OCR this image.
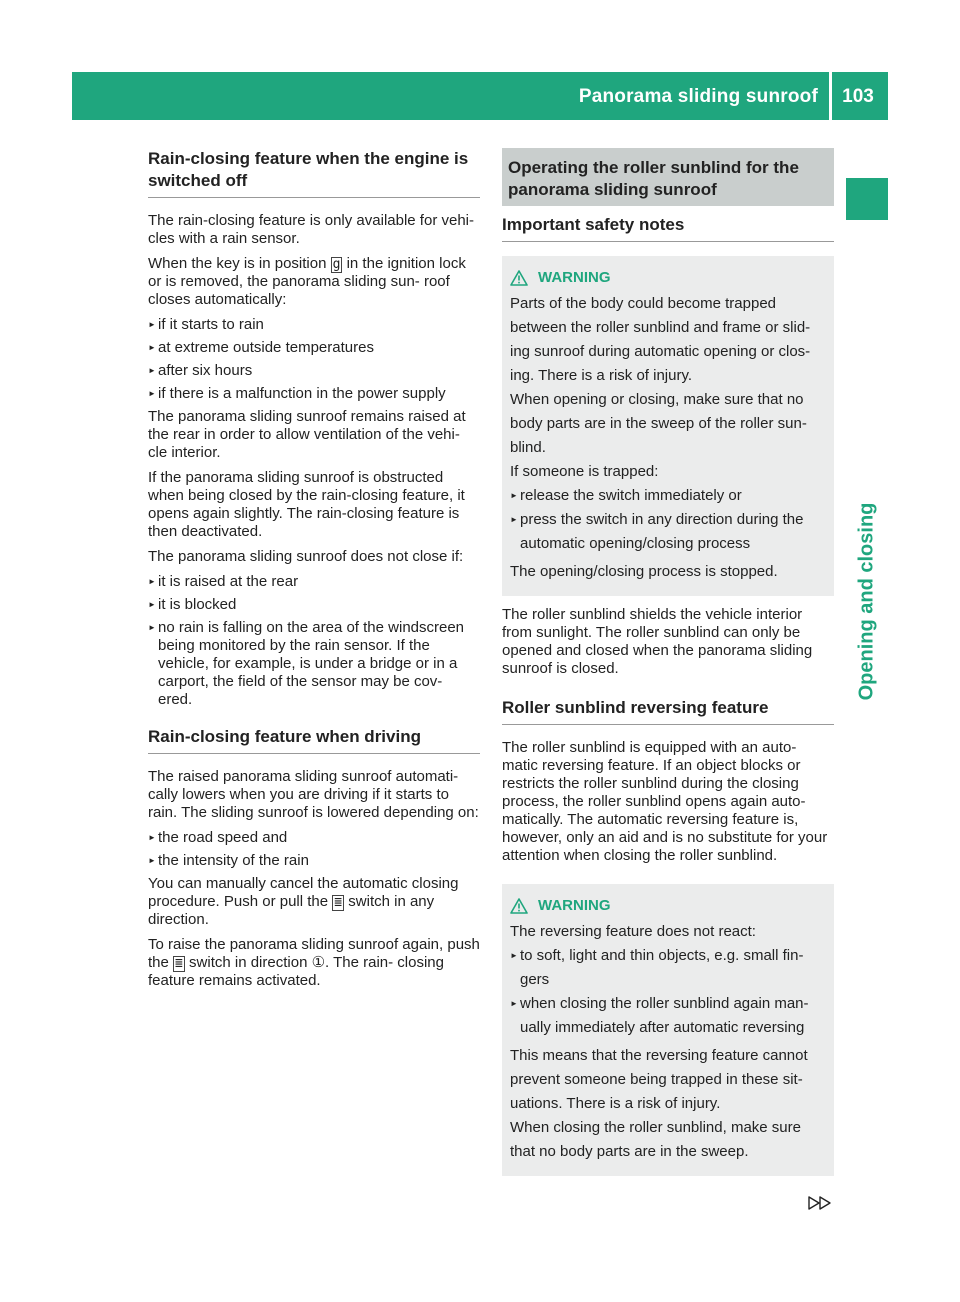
Panorama sliding sunroof	103
Opening and closing
Rain-closing feature when the engine is switched off

The rain-closing feature is only available for vehi- cles with a rain sensor.

When the key is in position g in the ignition lock or is removed, the panorama sliding sun- roof closes automatically:

► if it starts to rain
► at extreme outside temperatures
► after six hours
► if there is a malfunction in the power supply

The panorama sliding sunroof remains raised at the rear in order to allow ventilation of the vehi- cle interior.

If the panorama sliding sunroof is obstructed when being closed by the rain-closing feature, it opens again slightly. The rain-closing feature is then deactivated.

The panorama sliding sunroof does not close if:

► it is raised at the rear
► it is blocked
► no rain is falling on the area of the windscreen being monitored by the rain sensor. If the vehicle, for example, is under a bridge or in a carport, the field of the sensor may be cov- ered.
Rain-closing feature when driving

The raised panorama sliding sunroof automati- cally lowers when you are driving if it starts to rain. The sliding sunroof is lowered depending on:

► the road speed and
► the intensity of the rain

You can manually cancel the automatic closing procedure. Push or pull the ≣ switch in any direction.

To raise the panorama sliding sunroof again, push the ≣ switch in direction ①. The rain- closing feature remains activated.

Operating the roller sunblind for the panorama sliding sunroof
Important safety notes
WARNING

Parts of the body could become trapped between the roller sunblind and frame or slid- ing sunroof during automatic opening or clos- ing. There is a risk of injury.

When opening or closing, make sure that no body parts are in the sweep of the roller sun- blind.

If someone is trapped:

► release the switch immediately or
► press the switch in any direction during the automatic opening/closing process

The opening/closing process is stopped.

The roller sunblind shields the vehicle interior from sunlight. The roller sunblind can only be opened and closed when the panorama sliding sunroof is closed.

Roller sunblind reversing feature

The roller sunblind is equipped with an auto- matic reversing feature. If an object blocks or restricts the roller sunblind during the closing process, the roller sunblind opens again auto- matically. The automatic reversing feature is, however, only an aid and is no substitute for your attention when closing the roller sunblind.

WARNING

The reversing feature does not react:

► to soft, light and thin objects, e.g. small fin- gers
► when closing the roller sunblind again man- ually immediately after automatic reversing

This means that the reversing feature cannot prevent someone being trapped in these sit- uations. There is a risk of injury.

When closing the roller sunblind, make sure that no body parts are in the sweep.
